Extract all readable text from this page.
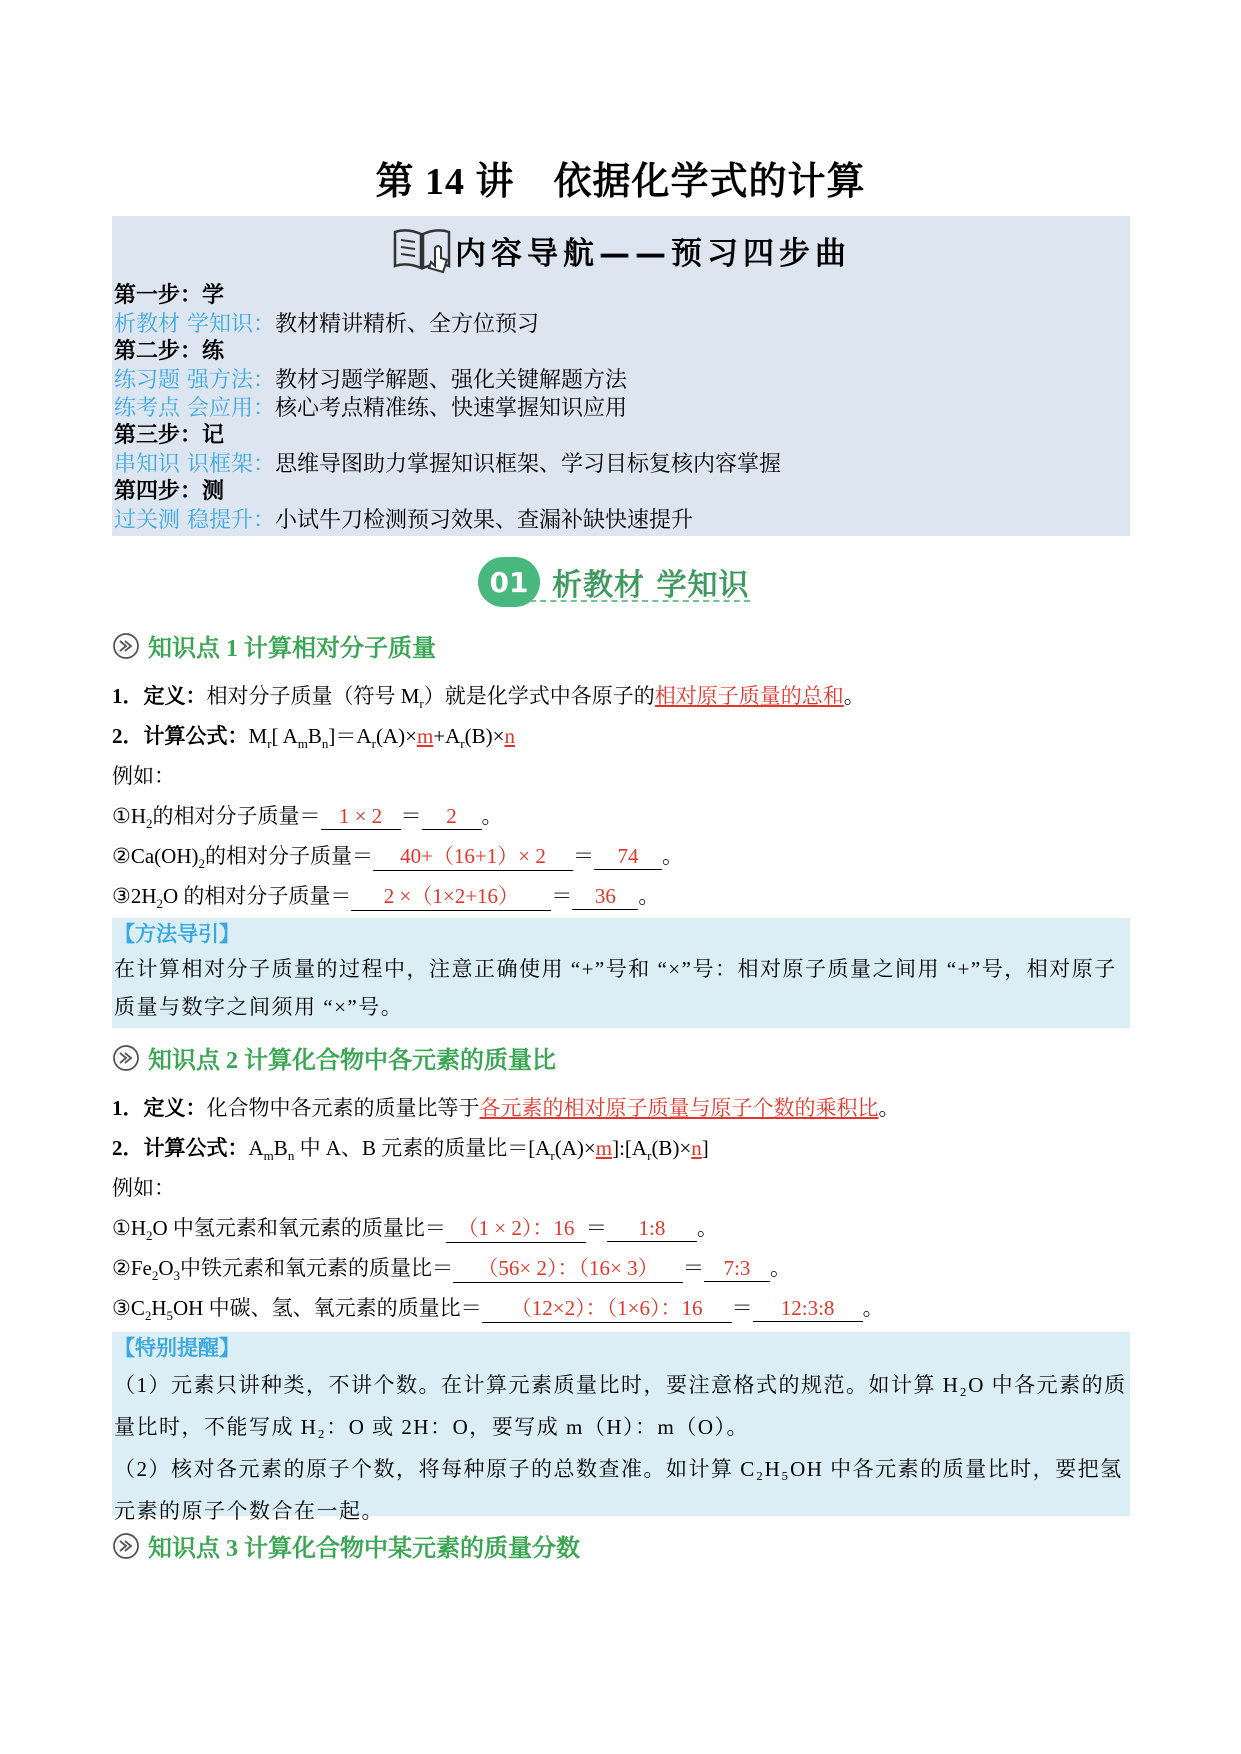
第 14 讲　依据化学式的计算
内容导航——预习四步曲
第一步：学
析教材 学知识：教材精讲精析、全方位预习
第二步：练
练习题 强方法：教材习题学解题、强化关键解题方法
练考点 会应用：核心考点精准练、快速掌握知识应用
第三步：记
串知识 识框架：思维导图助力掌握知识框架、学习目标复核内容掌握
第四步：测
过关测 稳提升：小试牛刀检测预习效果、查漏补缺快速提升
01 析教材 学知识
知识点 1 计算相对分子质量
1．定义：相对分子质量（符号 $M_r$）就是化学式中各原子的相对原子质量的总和。
2．计算公式：$M_r$[ $A_mB_n]=A_r(A)\times m+A_r(B)\times n$
例如：
$①H_2$的相对分子质量＝ 1 × 2 ＝ 2 。
$②Ca(OH)_2$的相对分子质量＝ 40+（16+1）× 2 ＝ 74 。
$③2H_2O$ 的相对分子质量＝ 2 ×（1×2+16） ＝ 36 。
【方法导引】
在计算相对分子质量的过程中，注意正确使用 “+”号和 “×”号：相对原子质量之间用 “+”号，相对原子质量与数字之间须用 “×”号。
知识点 2 计算化合物中各元素的质量比
1．定义：化合物中各元素的质量比等于各元素的相对原子质量与原子个数的乘积比。
2．计算公式：$A_mB_n$ 中 A、B 元素的质量比$=[A_r(A)\times m]:[A_r(B)\times n]$
例如：
$①H_2O$ 中氢元素和氧元素的质量比＝ （1 × 2）：16 ＝ 1:8 。
$②Fe_2O_3$中铁元素和氧元素的质量比＝ （56× 2）：（16× 3） ＝ 7:3 。
$③C_2H_5OH$ 中碳、氢、氧元素的质量比＝ （12×2）：（1×6）：16 ＝ 12:3:8 。
【特别提醒】
（1）元素只讲种类，不讲个数。在计算元素质量比时，要注意格式的规范。如计算 H₂O 中各元素的质量比时，不能写成 H₂：O 或 2H：O，要写成 m（H）：m（O）。
（2）核对各元素的原子个数，将每种原子的总数查准。如计算 C₂H₅OH 中各元素的质量比时，要把氢元素的原子个数合在一起。
知识点 3 计算化合物中某元素的质量分数
